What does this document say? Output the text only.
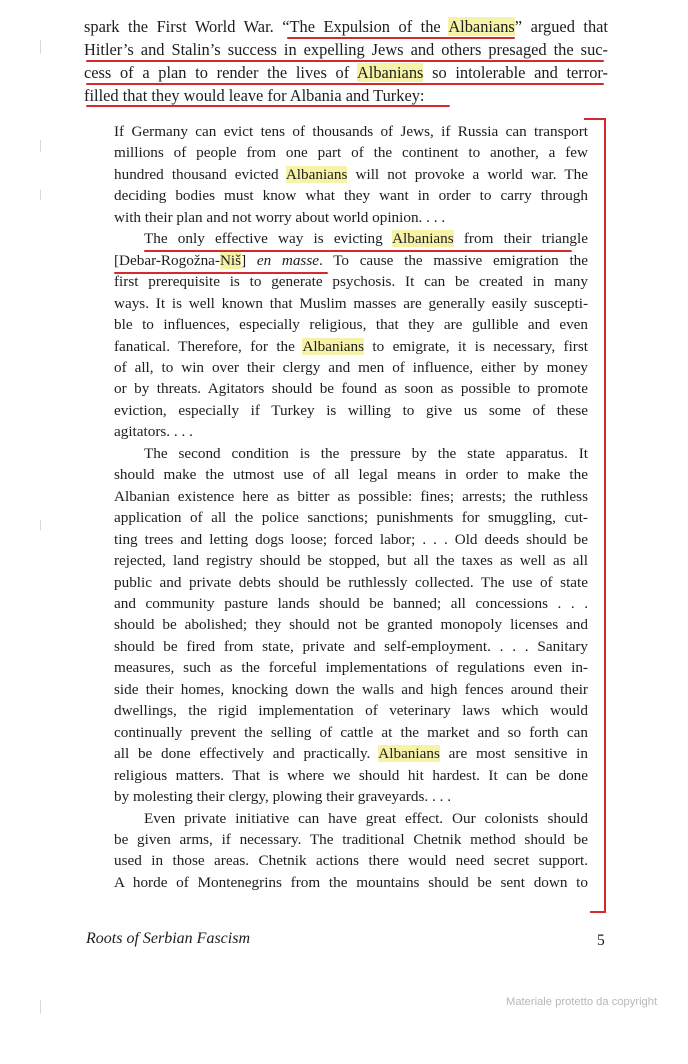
spark the First World War. “The Expulsion of the Albanians” argued that
Hitler’s and Stalin’s success in expelling Jews and others presaged the suc-
cess of a plan to render the lives of Albanians so intolerable and terror-
filled that they would leave for Albania and Turkey:
If Germany can evict tens of thousands of Jews, if Russia can transport
millions of people from one part of the continent to another, a few
hundred thousand evicted Albanians will not provoke a world war. The
deciding bodies must know what they want in order to carry through
with their plan and not worry about world opinion. . . .
The only effective way is evicting Albanians from their triangle
[Debar-Rogožna-Niš] en masse. To cause the massive emigration the
first prerequisite is to generate psychosis. It can be created in many
ways. It is well known that Muslim masses are generally easily suscepti-
ble to influences, especially religious, that they are gullible and even
fanatical. Therefore, for the Albanians to emigrate, it is necessary, first
of all, to win over their clergy and men of influence, either by money
or by threats. Agitators should be found as soon as possible to promote
eviction, especially if Turkey is willing to give us some of these
agitators. . . .
The second condition is the pressure by the state apparatus. It
should make the utmost use of all legal means in order to make the
Albanian existence here as bitter as possible: fines; arrests; the ruthless
application of all the police sanctions; punishments for smuggling, cut-
ting trees and letting dogs loose; forced labor; . . . Old deeds should be
rejected, land registry should be stopped, but all the taxes as well as all
public and private debts should be ruthlessly collected. The use of state
and community pasture lands should be banned; all concessions . . .
should be abolished; they should not be granted monopoly licenses and
should be fired from state, private and self-employment. . . . Sanitary
measures, such as the forceful implementations of regulations even in-
side their homes, knocking down the walls and high fences around their
dwellings, the rigid implementation of veterinary laws which would
continually prevent the selling of cattle at the market and so forth can
all be done effectively and practically. Albanians are most sensitive in
religious matters. That is where we should hit hardest. It can be done
by molesting their clergy, plowing their graveyards. . . .
Even private initiative can have great effect. Our colonists should
be given arms, if necessary. The traditional Chetnik method should be
used in those areas. Chetnik actions there would need secret support.
A horde of Montenegrins from the mountains should be sent down to
Roots of Serbian Fascism	5
Materiale protetto da copyright
